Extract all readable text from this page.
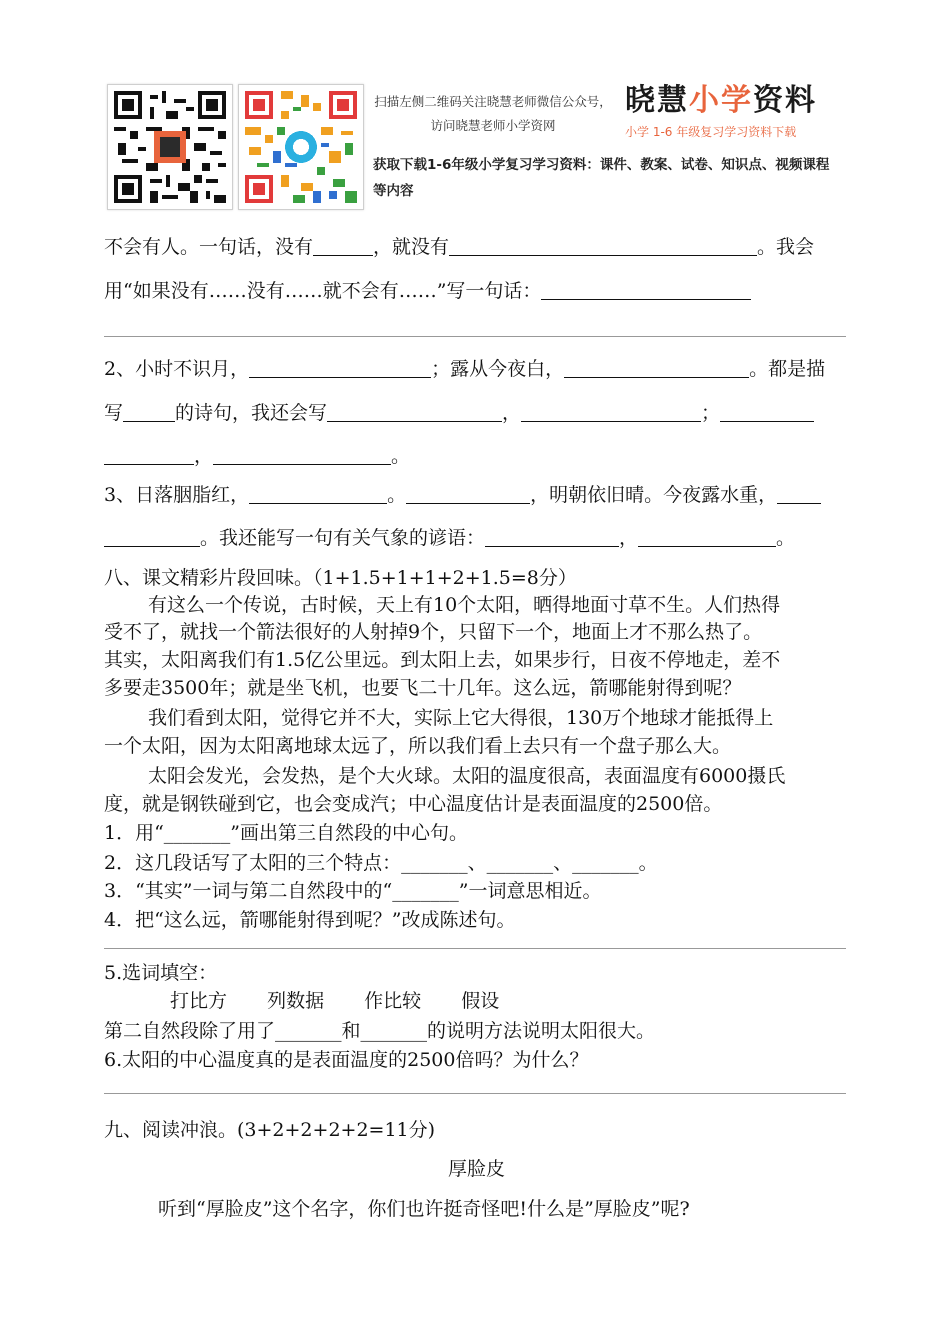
扫描左侧二维码关注晓慧老师微信公众号，访问晓慧老师小学资网
获取下载1-6年级小学复习学习资料：课件、教案、试卷、知识点、视频课程等内容
晓慧小学资料
小学 1-6 年级复习学习资料下载
不会有人。一句话，没有	，就没有	。我会
用“如果没有……没有……就不会有……”写一句话：
2、小时不识月，	；露从今夜白，	。都是描
写	的诗句，我还会写	，	；
，	。
3、日落胭脂红，	。	，明朝依旧晴。今夜露水重，
。我还能写一句有关气象的谚语：	，	。
八、课文精彩片段回味。（1+1.5+1+1+2+1.5=8分）
有这么一个传说，古时候，天上有10个太阳，晒得地面寸草不生。人们热得
受不了，就找一个箭法很好的人射掉9个，只留下一个，地面上才不那么热了。
其实，太阳离我们有1.5亿公里远。到太阳上去，如果步行，日夜不停地走，差不
多要走3500年；就是坐飞机，也要飞二十几年。这么远，箭哪能射得到呢？
我们看到太阳，觉得它并不大，实际上它大得很，130万个地球才能抵得上
一个太阳，因为太阳离地球太远了，所以我们看上去只有一个盘子那么大。
太阳会发光，会发热，是个大火球。太阳的温度很高，表面温度有6000摄氏
度，就是钢铁碰到它，也会变成汽；中心温度估计是表面温度的2500倍。
1．用“_______”画出第三自然段的中心句。
2．这几段话写了太阳的三个特点：_______、_______、_______。
3．“其实”一词与第二自然段中的“_______”一词意思相近。
4．把“这么远，箭哪能射得到呢？”改成陈述句。
5.选词填空：
打比方 列数据 作比较 假设
第二自然段除了用了_______和_______的说明方法说明太阳很大。
6.太阳的中心温度真的是表面温度的2500倍吗？为什么？
九、阅读冲浪。(3+2+2+2+2=11分)
厚脸皮
听到“厚脸皮”这个名字，你们也许挺奇怪吧!什么是”厚脸皮”呢?
